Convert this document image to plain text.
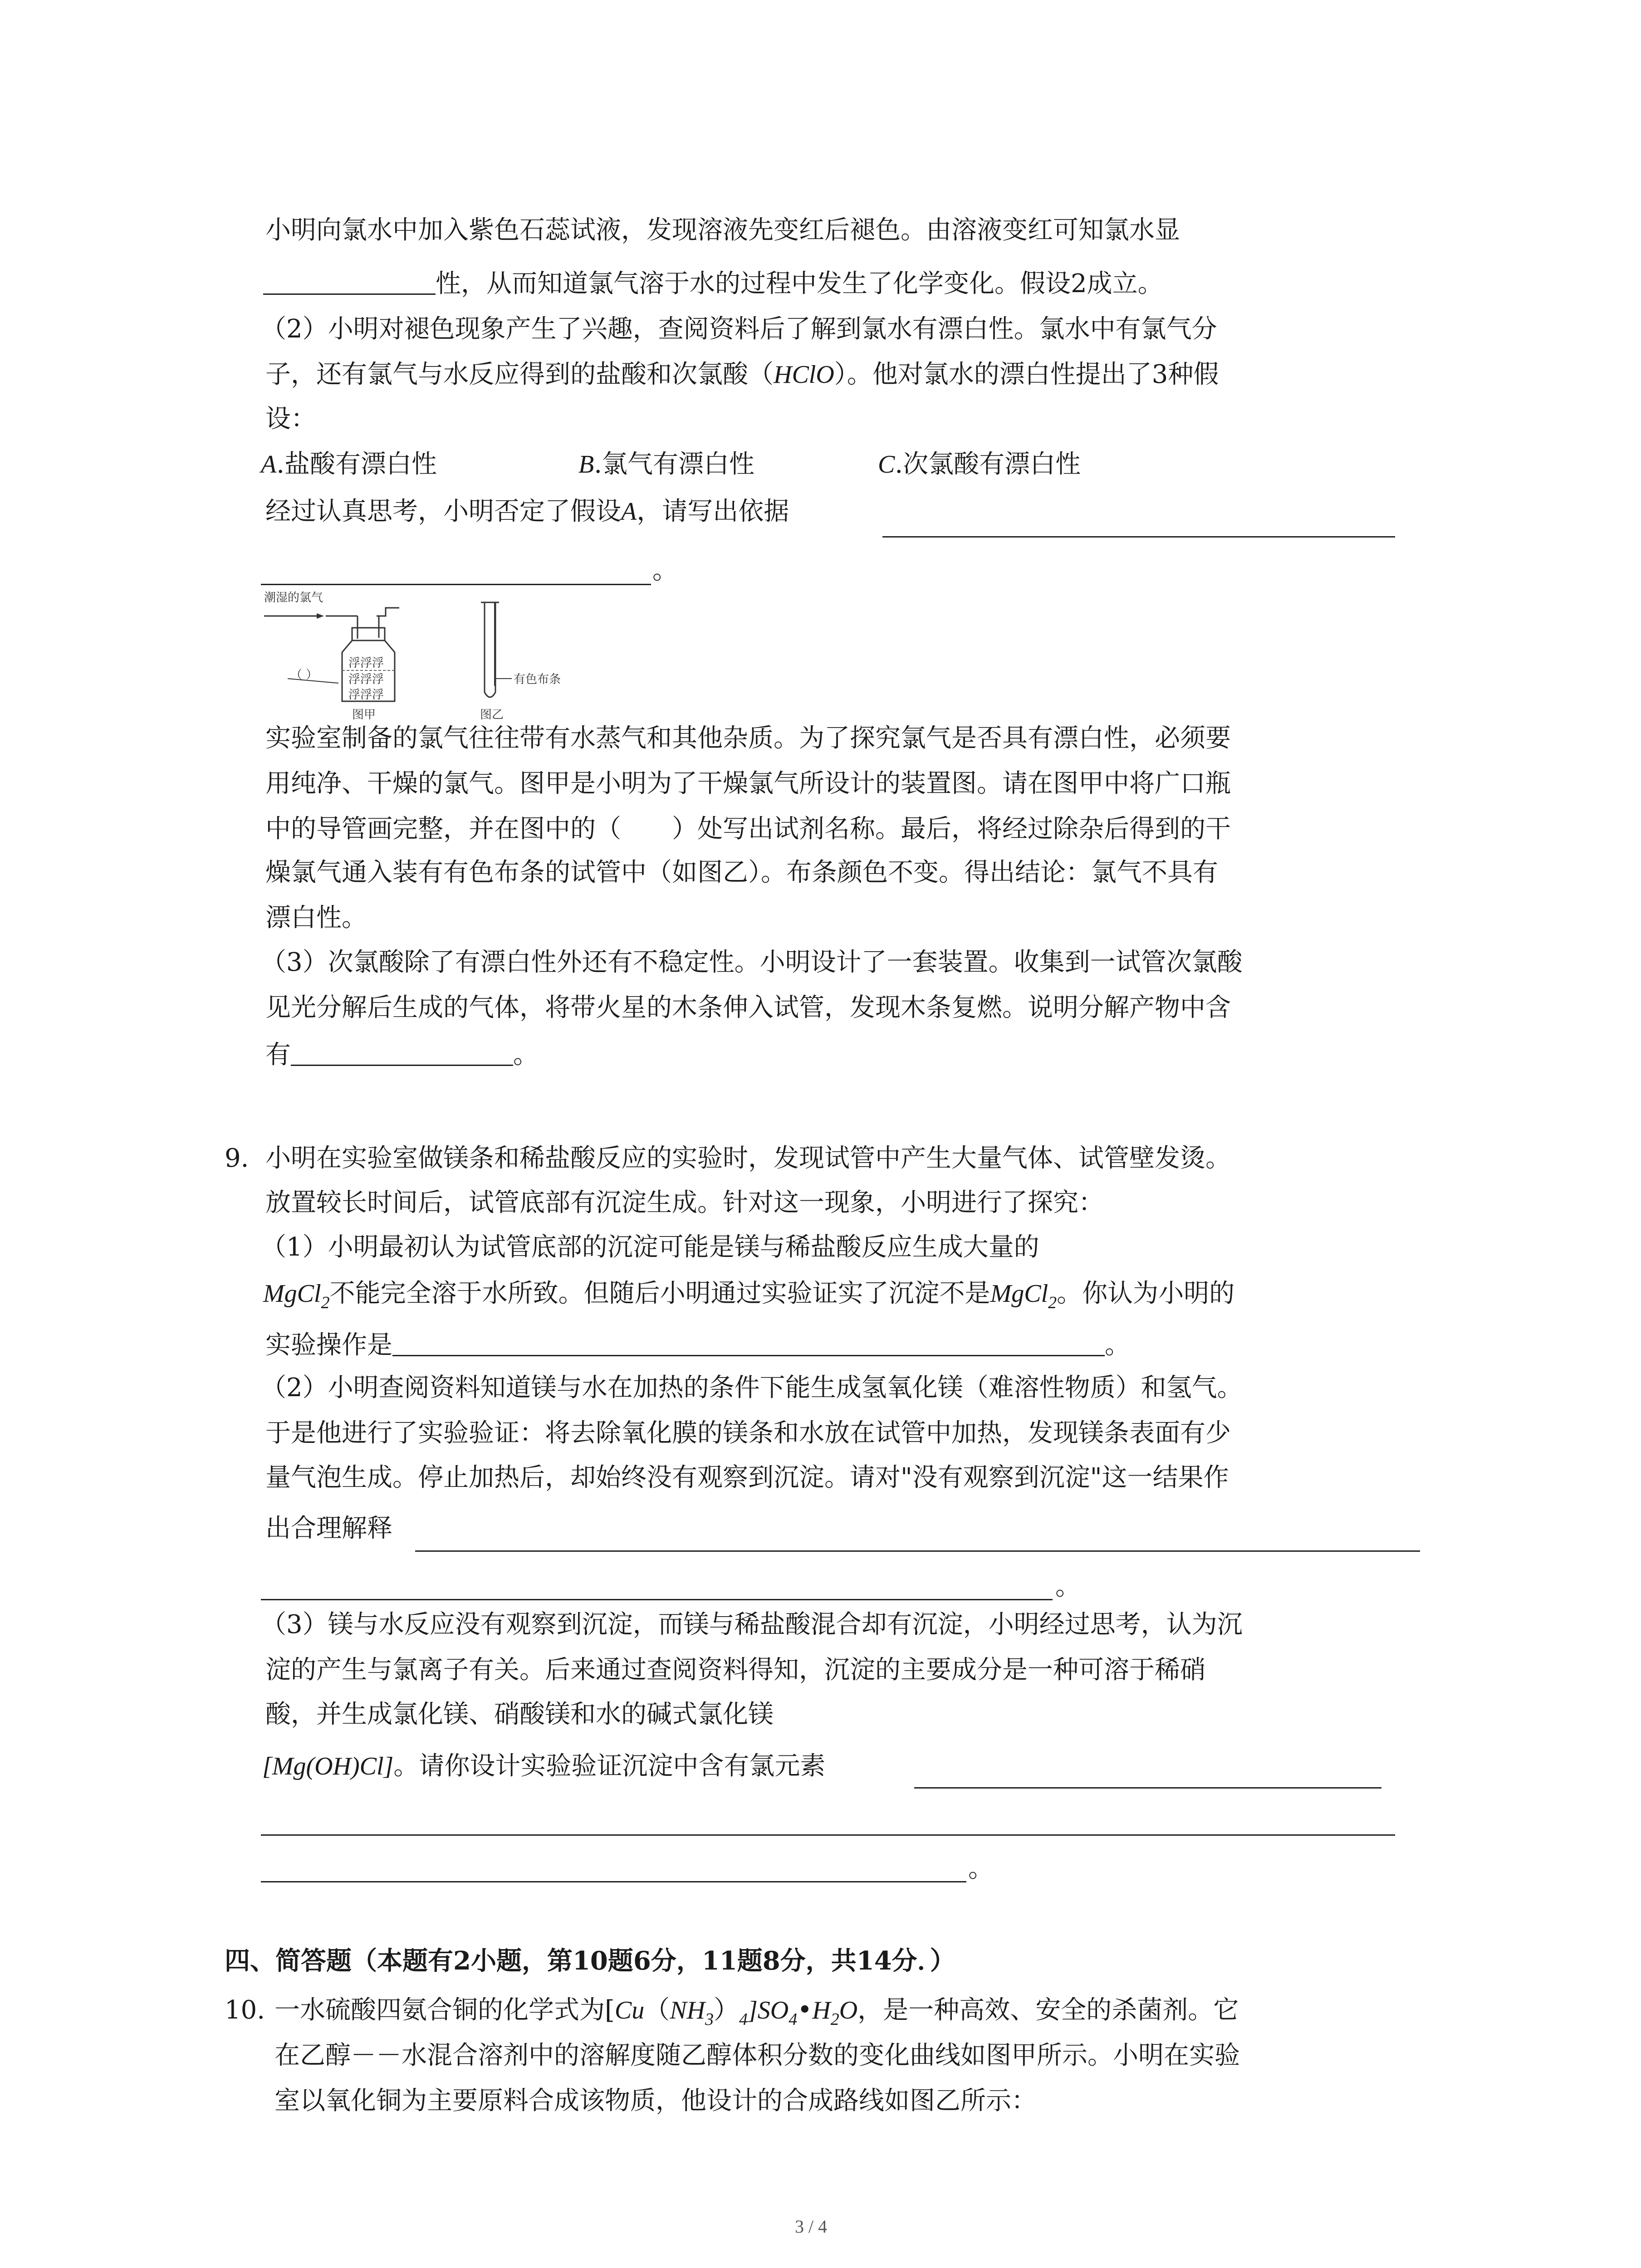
小明向氯水中加入紫色石蕊试液，发现溶液先变红后褪色。由溶液变红可知氯水显
性，从而知道氯气溶于水的过程中发生了化学变化。假设2成立。
（2）小明对褪色现象产生了兴趣，查阅资料后了解到氯水有漂白性。氯水中有氯气分
子，还有氯气与水反应得到的盐酸和次氯酸（HClO）。他对氯水的漂白性提出了3种假
设：
A.盐酸有漂白性	B.氯气有漂白性	C.次氯酸有漂白性
经过认真思考，小明否定了假设A，请写出依据
。
潮湿的氯气
浮浮浮
浮浮浮
浮浮浮
（ ）
图甲
有色布条
图乙
实验室制备的氯气往往带有水蒸气和其他杂质。为了探究氯气是否具有漂白性，必须要
用纯净、干燥的氯气。图甲是小明为了干燥氯气所设计的装置图。请在图甲中将广口瓶
中的导管画完整，并在图中的（　　）处写出试剂名称。最后，将经过除杂后得到的干
燥氯气通入装有有色布条的试管中（如图乙）。布条颜色不变。得出结论：氯气不具有
漂白性。
（3）次氯酸除了有漂白性外还有不稳定性。小明设计了一套装置。收集到一试管次氯酸
见光分解后生成的气体，将带火星的木条伸入试管，发现木条复燃。说明分解产物中含
有	。
9. 小明在实验室做镁条和稀盐酸反应的实验时，发现试管中产生大量气体、试管壁发烫。
放置较长时间后，试管底部有沉淀生成。针对这一现象，小明进行了探究：
（1）小明最初认为试管底部的沉淀可能是镁与稀盐酸反应生成大量的
MgCl$_2$不能完全溶于水所致。但随后小明通过实验证实了沉淀不是MgCl$_2$。你认为小明的
实验操作是	。
（2）小明查阅资料知道镁与水在加热的条件下能生成氢氧化镁（难溶性物质）和氢气。
于是他进行了实验验证：将去除氧化膜的镁条和水放在试管中加热，发现镁条表面有少
量气泡生成。停止加热后，却始终没有观察到沉淀。请对"没有观察到沉淀"这一结果作
出合理解释
。
（3）镁与水反应没有观察到沉淀，而镁与稀盐酸混合却有沉淀，小明经过思考，认为沉
淀的产生与氯离子有关。后来通过查阅资料得知，沉淀的主要成分是一种可溶于稀硝
酸，并生成氯化镁、硝酸镁和水的碱式氯化镁
[Mg(OH)Cl]。请你设计实验验证沉淀中含有氯元素
。
四、简答题（本题有2小题，第10题6分，11题8分，共14分．）
10. 一水硫酸四氨合铜的化学式为$[Cu(NH_3)_4]SO_4•H_2O$，是一种高效、安全的杀菌剂。它
在乙醇－－水混合溶剂中的溶解度随乙醇体积分数的变化曲线如图甲所示。小明在实验
室以氧化铜为主要原料合成该物质，他设计的合成路线如图乙所示：
3 / 4
